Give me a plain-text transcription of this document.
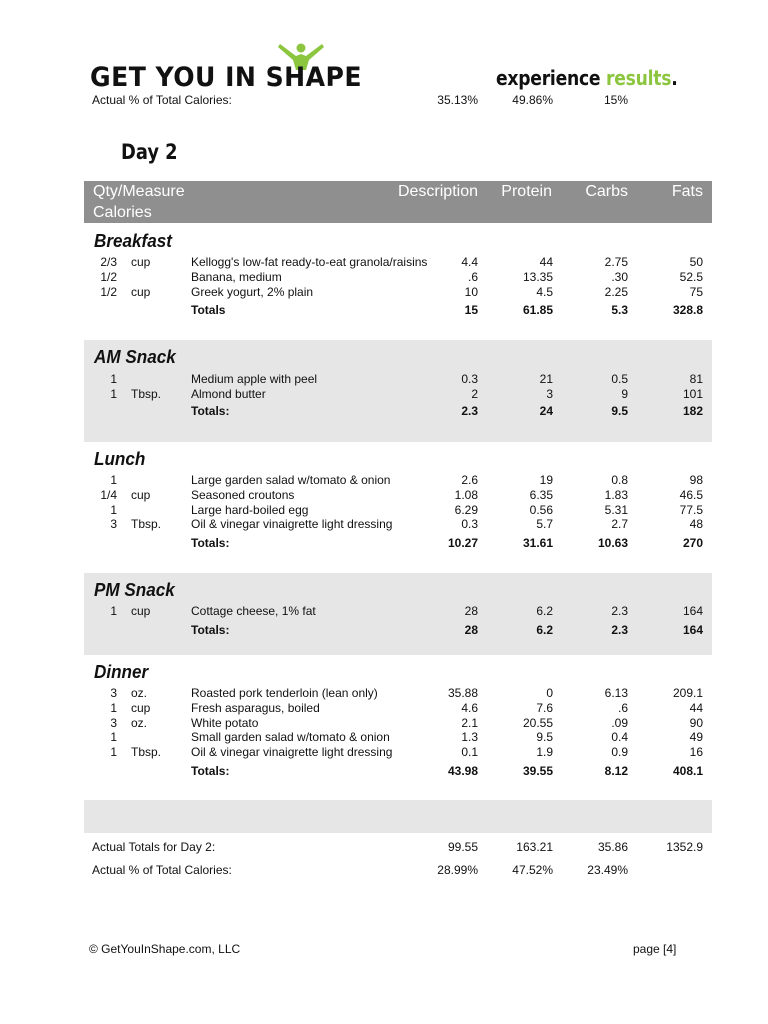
GET YOU IN SHAPE	experience results.
Actual % of Total Calories:	35.13%	49.86%	15%
Day 2
Qty/Measure
Calories
Description	Protein	Carbs	Fats
Breakfast
2/3 cup	Kellogg's low-fat ready-to-eat granola/raisins	4.4	44	2.75	50
1/2	Banana, medium	.6	13.35	.30	52.5
1/2 cup	Greek yogurt, 2% plain	10	4.5	2.25	75
Totals	15	61.85	5.3	328.8
AM Snack
1	Medium apple with peel	0.3	21	0.5	81
1 Tbsp. Almond butter	2	3	9	101
Totals:	2.3	24	9.5	182
Lunch
1	Large garden salad w/tomato & onion	2.6	19	0.8	98
1/4 cup	Seasoned croutons	1.08	6.35	1.83	46.5
1	Large hard-boiled egg	6.29	0.56	5.31	77.5
3 Tbsp. Oil & vinegar vinaigrette light dressing	0.3	5.7	2.7	48
Totals:	10.27	31.61	10.63	270
PM Snack
1 cup	Cottage cheese, 1% fat	28	6.2	2.3	164
Totals:	28	6.2	2.3	164
Dinner
3 oz.	Roasted pork tenderloin (lean only)	35.88	0	6.13	209.1
1 cup	Fresh asparagus, boiled	4.6	7.6	.6	44
3 oz.	White potato	2.1	20.55	.09	90
1	Small garden salad w/tomato & onion	1.3	9.5	0.4	49
1 Tbsp. Oil & vinegar vinaigrette light dressing	0.1	1.9	0.9	16
Totals:	43.98	39.55	8.12	408.1
Actual Totals for Day 2:	99.55	163.21	35.86	1352.9
Actual % of Total Calories:	28.99%	47.52%	23.49%
© GetYouInShape.com, LLC	page [4]
